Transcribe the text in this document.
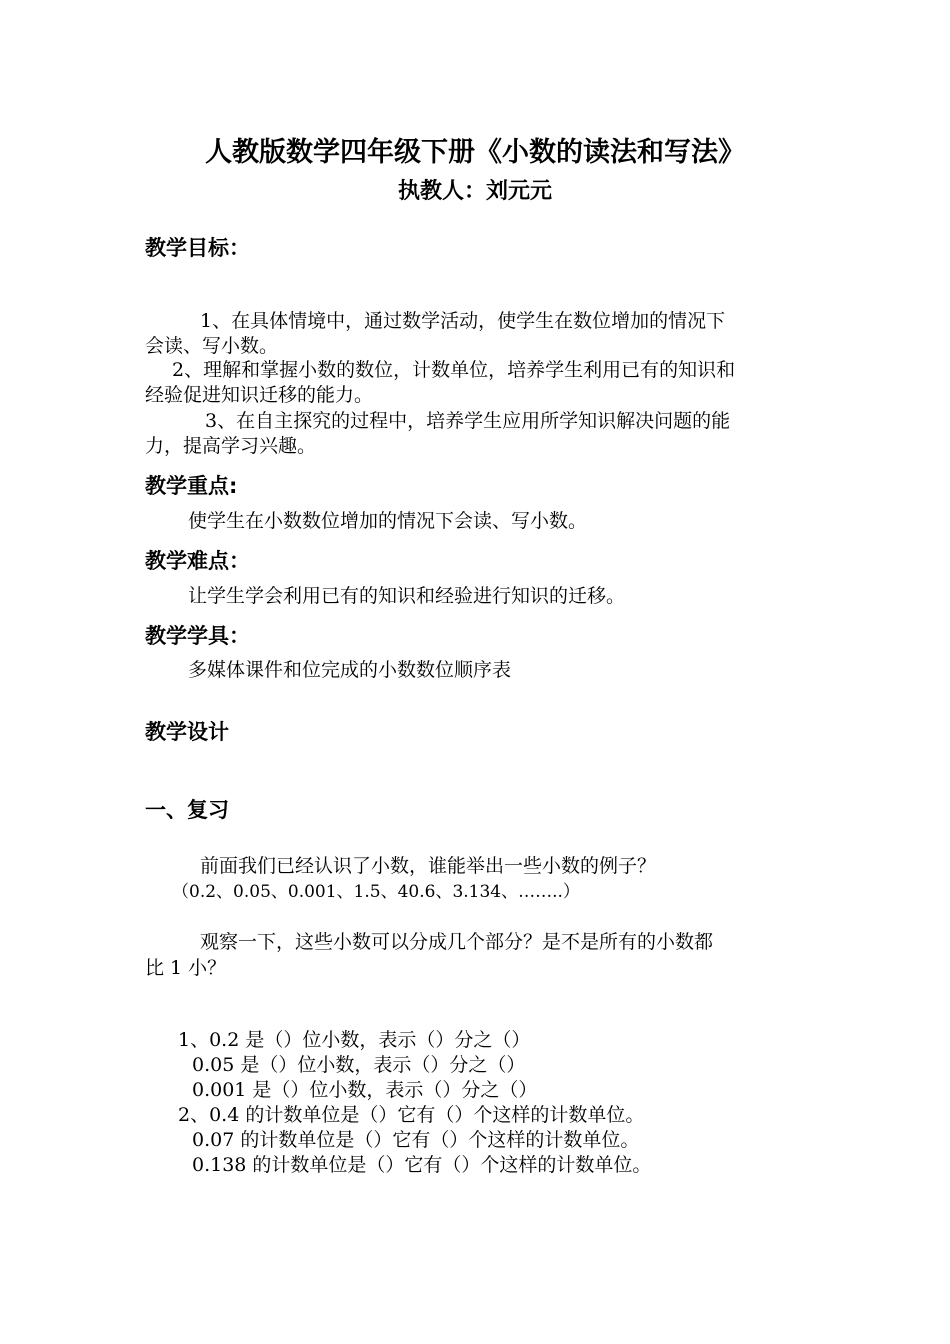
人教版数学四年级下册《小数的读法和写法》
执教人：刘元元
教学目标：
1、在具体情境中，通过数学活动，使学生在数位增加的情况下
会读、写小数。
2、理解和掌握小数的数位，计数单位，培养学生利用已有的知识和
经验促进知识迁移的能力。
3、在自主探究的过程中，培养学生应用所学知识解决问题的能
力，提高学习兴趣。
教学重点:
使学生在小数数位增加的情况下会读、写小数。
教学难点：
让学生学会利用已有的知识和经验进行知识的迁移。
教学学具：
多媒体课件和位完成的小数数位顺序表
教学设计
一、复习
前面我们已经认识了小数，谁能举出一些小数的例子？
（0.2、0.05、0.001、1.5、40.6、3.134、……..）
观察一下，这些小数可以分成几个部分？是不是所有的小数都
比 1 小？
1、0.2 是（）位小数，表示（）分之（）
0.05 是（）位小数，表示（）分之（）
0.001 是（）位小数，表示（）分之（）
2、0.4 的计数单位是（）它有（）个这样的计数单位。
0.07 的计数单位是（）它有（）个这样的计数单位。
0.138 的计数单位是（）它有（）个这样的计数单位。
